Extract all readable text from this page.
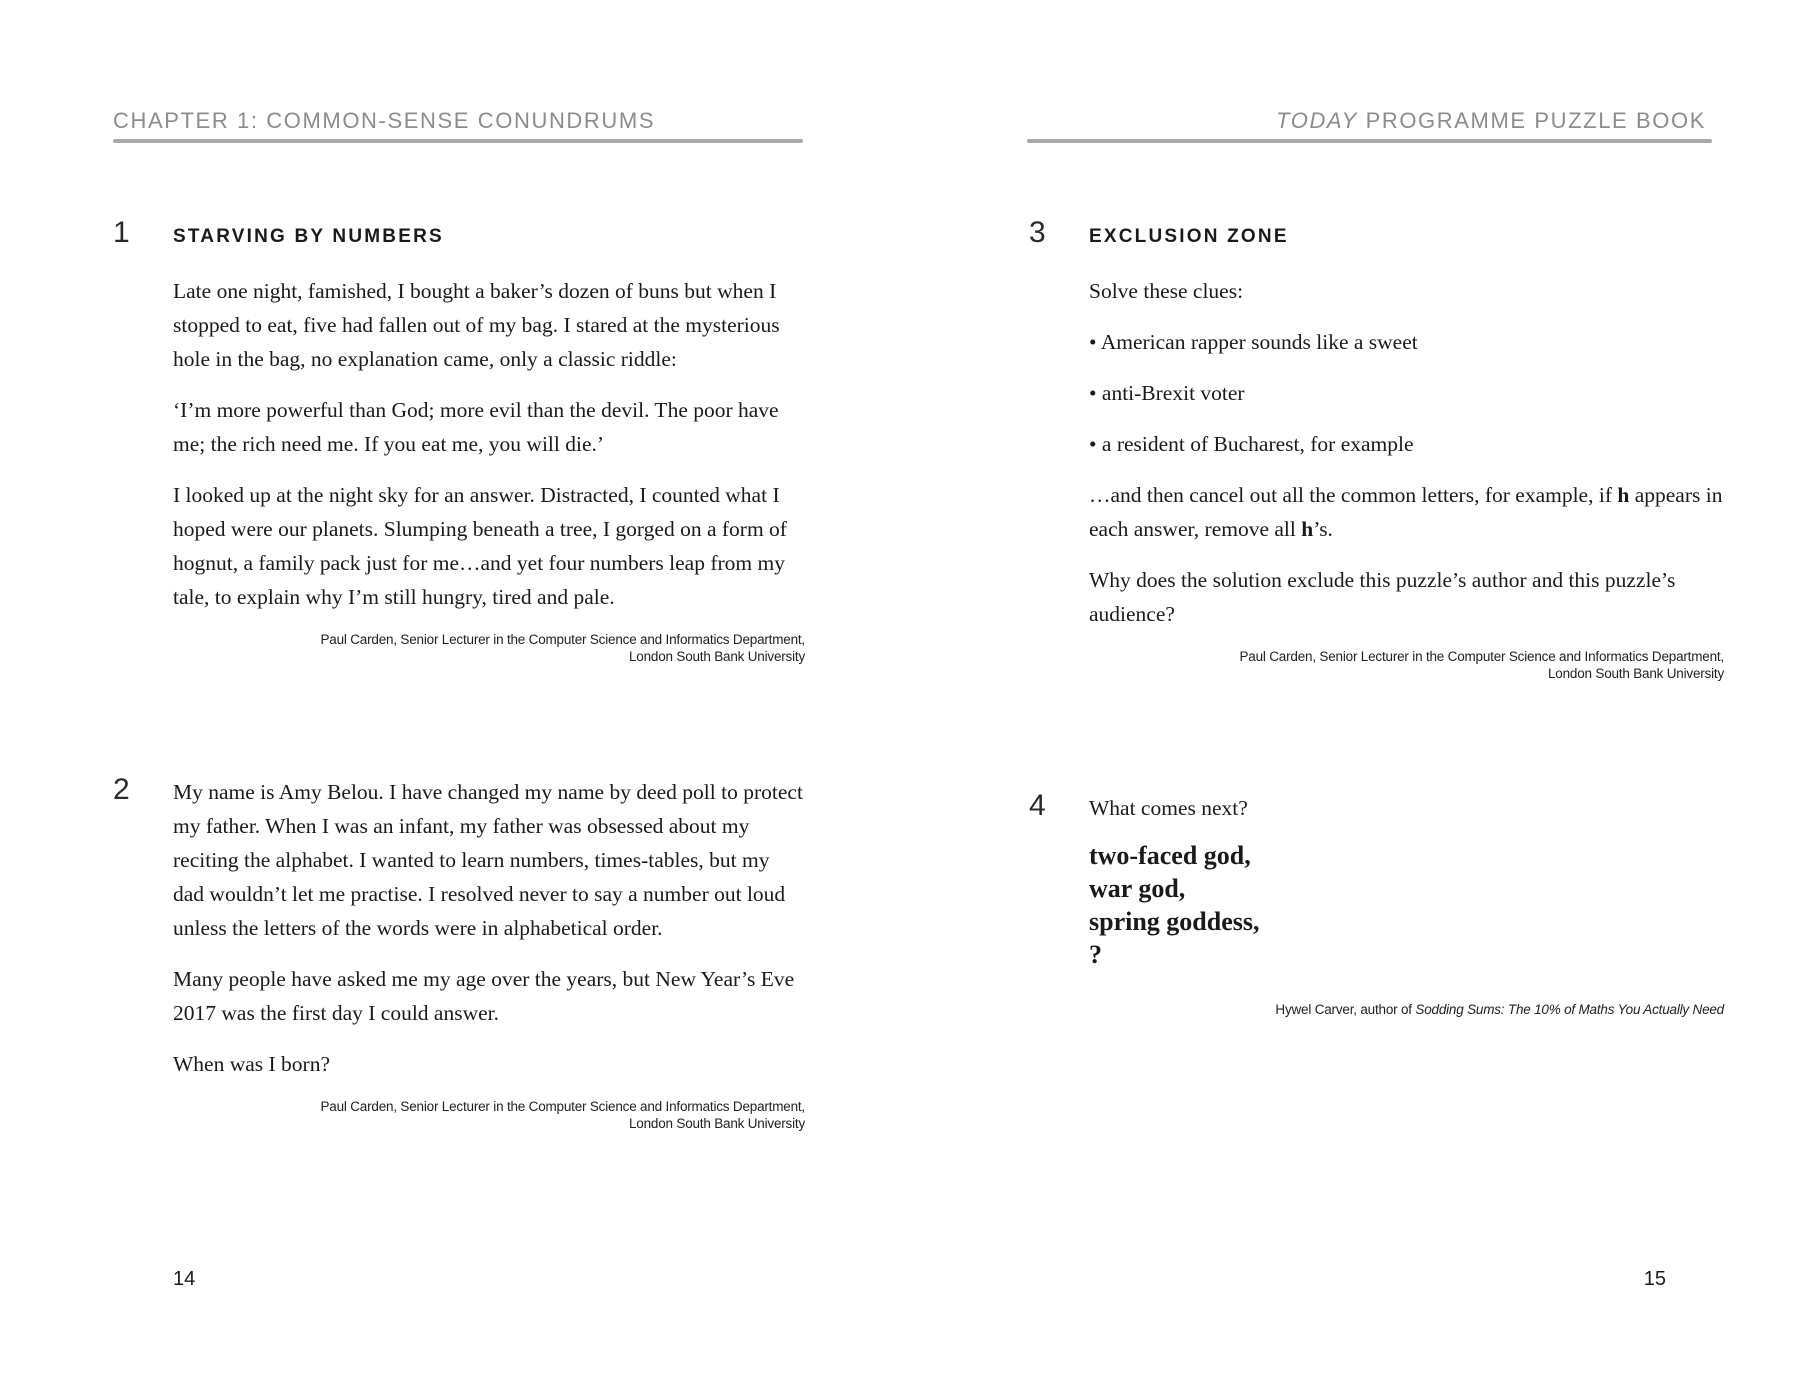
CHAPTER 1: COMMON-SENSE CONUNDRUMS
1 STARVING BY NUMBERS

Late one night, famished, I bought a baker’s dozen of buns but when I stopped to eat, five had fallen out of my bag. I stared at the mysterious hole in the bag, no explanation came, only a classic riddle:

‘I’m more powerful than God; more evil than the devil. The poor have me; the rich need me. If you eat me, you will die.’

I looked up at the night sky for an answer. Distracted, I counted what I hoped were our planets. Slumping beneath a tree, I gorged on a form of hognut, a family pack just for me…and yet four numbers leap from my tale, to explain why I’m still hungry, tired and pale.

Paul Carden, Senior Lecturer in the Computer Science and Informatics Department,
London South Bank University
2 My name is Amy Belou. I have changed my name by deed poll to protect my father. When I was an infant, my father was obsessed about my reciting the alphabet. I wanted to learn numbers, times-tables, but my dad wouldn’t let me practise. I resolved never to say a number out loud unless the letters of the words were in alphabetical order.

Many people have asked me my age over the years, but New Year’s Eve 2017 was the first day I could answer.

When was I born?

Paul Carden, Senior Lecturer in the Computer Science and Informatics Department,
London South Bank University
14
TODAY PROGRAMME PUZZLE BOOK
3 EXCLUSION ZONE

Solve these clues:

• American rapper sounds like a sweet

• anti-Brexit voter

• a resident of Bucharest, for example

…and then cancel out all the common letters, for example, if h appears in each answer, remove all h’s.

Why does the solution exclude this puzzle’s author and this puzzle’s audience?

Paul Carden, Senior Lecturer in the Computer Science and Informatics Department,
London South Bank University
4 What comes next?

two-faced god,
war god,
spring goddess,
?
Hywel Carver, author of Sodding Sums: The 10% of Maths You Actually Need
15
